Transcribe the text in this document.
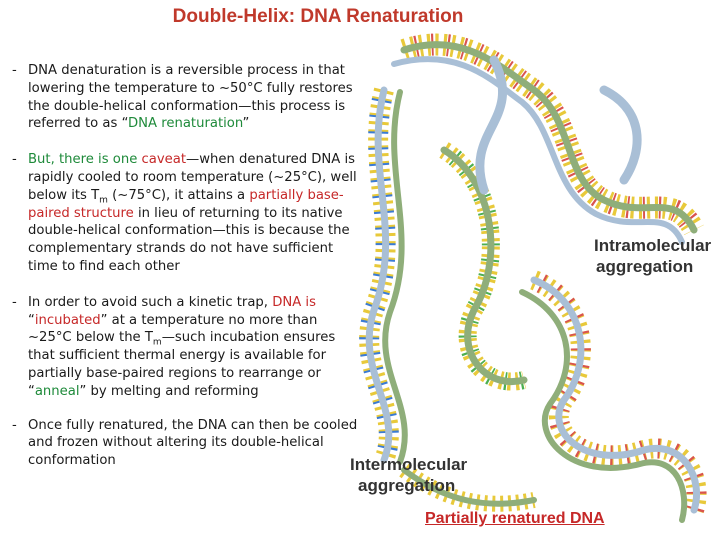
Double-Helix: DNA Renaturation
- DNA denaturation is a reversible process in that lowering the temperature to ~50°C fully restores the double-helical conformation—this process is referred to as “DNA renaturation”
- But, there is one caveat—when denatured DNA is rapidly cooled to room temperature (~25°C), well below its $T_m$ (~75°C), it attains a partially base-paired structure in lieu of returning to its native double-helical conformation—this is because the complementary strands do not have sufficient time to find each other
- In order to avoid such a kinetic trap, DNA is
“incubated” at a temperature no more than ~25°C below the $T_m—such$ incubation ensures that sufficient thermal energy is available for partially base-paired regions to rearrange or “anneal” by melting and reforming
- Once fully renatured, the DNA can then be cooled and frozen without altering its double-helical conformation
Intramolecular
aggregation
Intermolecular
aggregation
Partially renatured DNA
